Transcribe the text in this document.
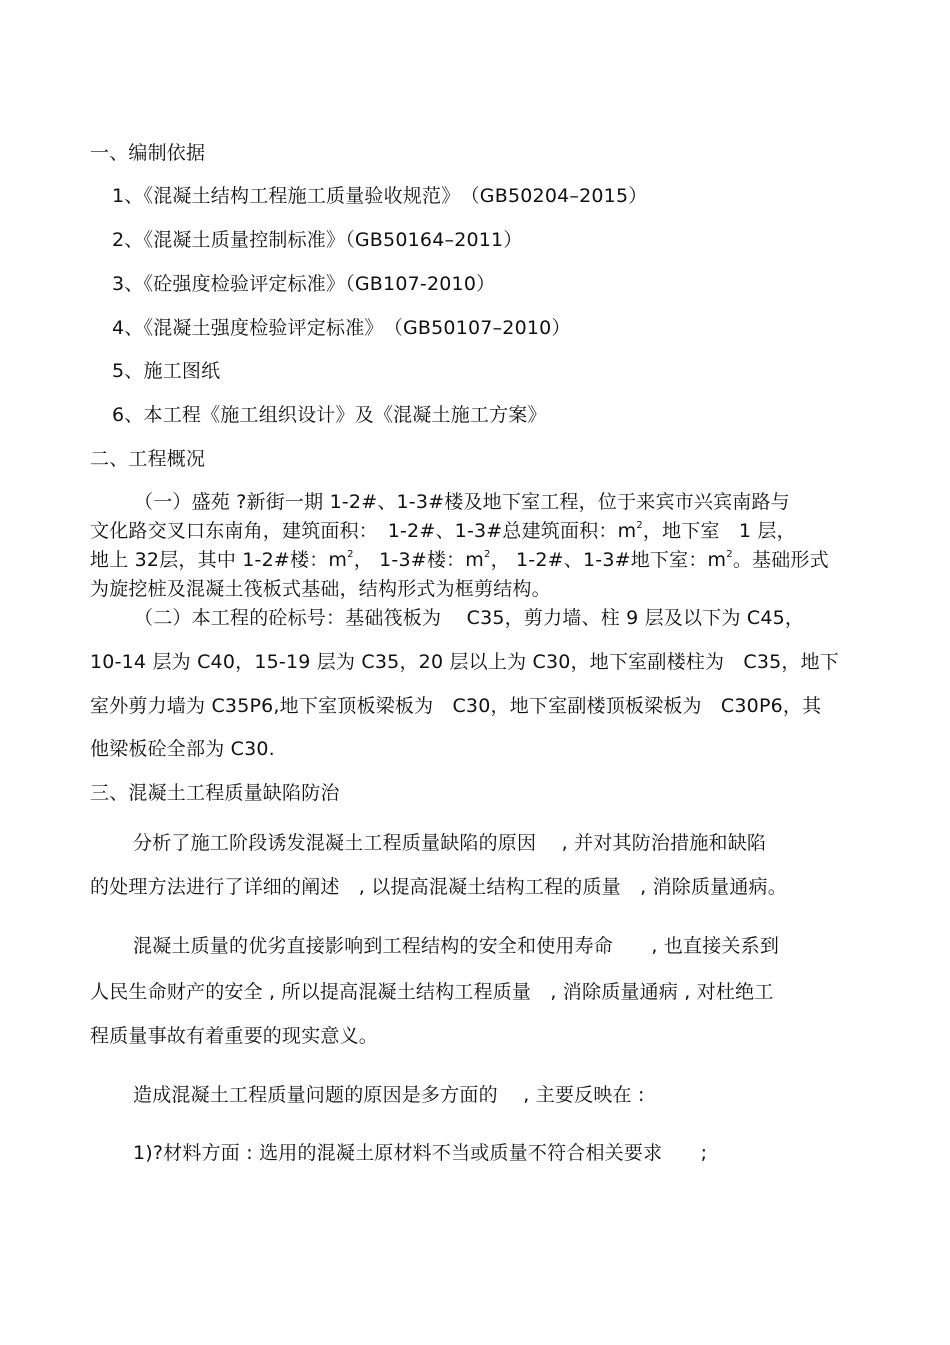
一、编制依据
1、《混凝土结构工程施工质量验收规范》　（GB50204–2015）
2、《混凝土质量控制标准》（GB50164–2011）
3、《砼强度检验评定标准》（GB107-2010）
4、《混凝土强度检验评定标准》　（GB50107–2010）
5、施工图纸
6、本工程《施工组织设计》及《混凝土施工方案》
二、工程概况
（一）盛苑 ?新街一期 1-2#、1-3#楼及地下室工程，位于来宾市兴宾南路与
文化路交叉口东南角，建筑面积：　1-2#、1-3#总建筑面积：$m^2$，地下室　1 层，
地上 32层，其中 1-2#楼：$m^2$， 1-3#楼：$m^2$， 1-2#、1-3#地下室：$m^2$。基础形式
为旋挖桩及混凝土筏板式基础，结构形式为框剪结构。
（二）本工程的砼标号：基础筏板为　 C35，剪力墙、柱 9 层及以下为 C45，
10-14 层为 C40，15-19 层为 C35，20 层以上为 C30，地下室副楼柱为　C35，地下
室外剪力墙为 C35P6,地下室顶板梁板为　C30，地下室副楼顶板梁板为　C30P6，其
他梁板砼全部为 C30.
三、混凝土工程质量缺陷防治
分析了施工阶段诱发混凝土工程质量缺陷的原因　 , 并对其防治措施和缺陷
的处理方法进行了详细的阐述　, 以提高混凝土结构工程的质量　, 消除质量通病。
混凝土质量的优劣直接影响到工程结构的安全和使用寿命　　, 也直接关系到
人民生命财产的安全 , 所以提高混凝土结构工程质量　, 消除质量通病 , 对杜绝工
程质量事故有着重要的现实意义。
造成混凝土工程质量问题的原因是多方面的　 , 主要反映在 :
1)?材料方面 : 选用的混凝土原材料不当或质量不符合相关要求　　;
